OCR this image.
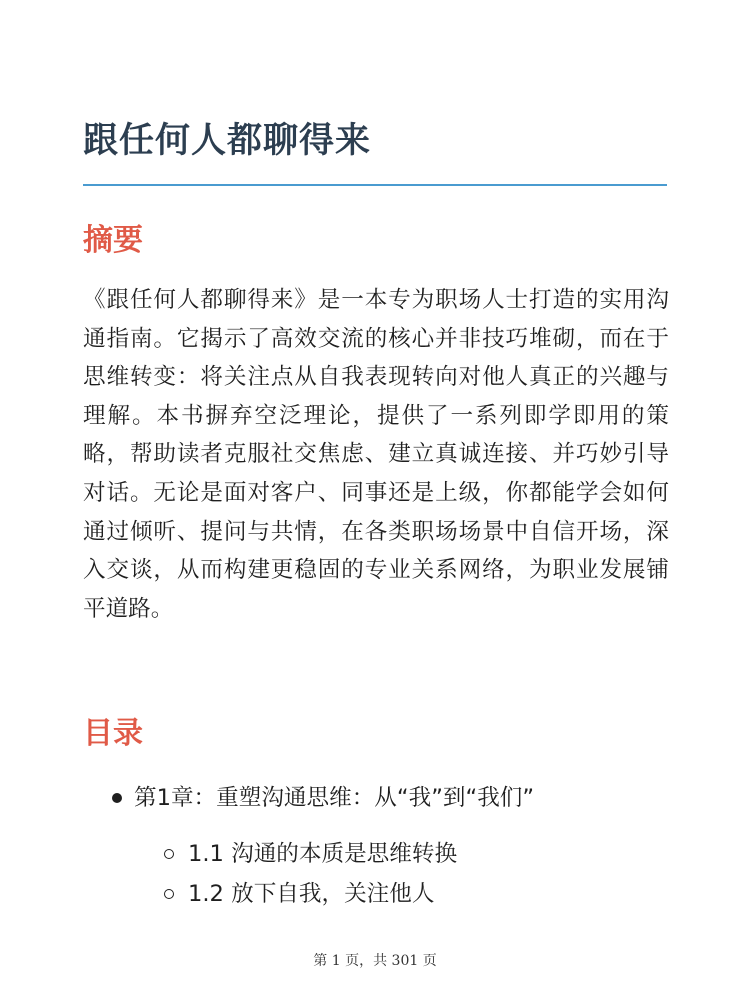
跟任何人都聊得来
摘要

《跟任何人都聊得来》是一本专为职场人士打造的实用沟通指南。它揭示了高效交流的核心并非技巧堆砌，而在于思维转变：将关注点从自我表现转向对他人真正的兴趣与理解。本书摒弃空泛理论，提供了一系列即学即用的策略，帮助读者克服社交焦虑、建立真诚连接、并巧妙引导对话。无论是面对客户、同事还是上级，你都能学会如何通过倾听、提问与共情，在各类职场场景中自信开场，深入交谈，从而构建更稳固的专业关系网络，为职业发展铺平道路。

目录
第1章：重塑沟通思维：从“我”到“我们”
1.1 沟通的本质是思维转换
1.2 放下自我，关注他人
第 1 页，共 301 页
